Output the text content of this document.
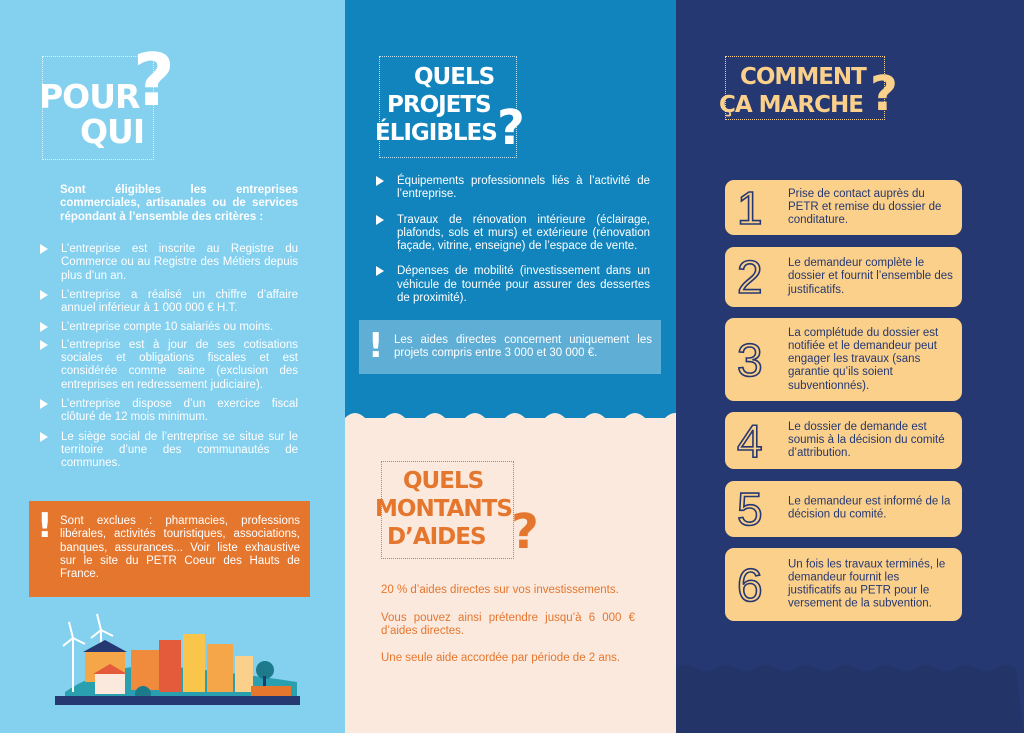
POUR
QUI
?
Sont éligibles les entreprises commerciales, artisanales ou de services répondant à l’ensemble des critères :
L’entreprise est inscrite au Registre du Commerce ou au Registre des Métiers depuis plus d’un an.
L’entreprise a réalisé un chiffre d’affaire annuel inférieur à 1 000 000 € H.T.
L’entreprise compte 10 salariés ou moins.
L’entreprise est à jour de ses cotisations sociales et obligations fiscales et est considérée comme saine (exclusion des entreprises en redressement judiciaire).
L’entreprise dispose d’un exercice fiscal clôturé de 12 mois minimum.
Le siège social de l’entreprise se situe sur le territoire d’une des communautés de communes.
! Sont exclues : pharmacies, professions libérales, activités touristiques, associations, banques, assurances... Voir liste exhaustive sur le site du PETR Coeur des Hauts de France.
QUELS
PROJETS
ÉLIGIBLES ?
Équipements professionnels liés à l’activité de l’entreprise.
Travaux de rénovation intérieure (éclairage, plafonds, sols et murs) et extérieure (rénovation façade, vitrine, enseigne) de l’espace de vente.
Dépenses de mobilité (investissement dans un véhicule de tournée pour assurer des dessertes de proximité).
! Les aides directes concernent uniquement les projets compris entre 3 000 et 30 000 €.
QUELS
MONTANTS
D’AIDES ?
20 % d’aides directes sur vos investissements.
Vous pouvez ainsi prétendre jusqu’à 6 000 € d’aides directes.
Une seule aide accordée par période de 2 ans.
COMMENT
ÇA MARCHE ?
1 Prise de contact auprès du PETR et remise du dossier de conditature.
2 Le demandeur complète le dossier et fournit l’ensemble des justificatifs.
3
La complétude du dossier est notifiée et le demandeur peut engager les travaux (sans garantie qu’ils soient subventionnés).
4 Le dossier de demande est soumis à la décision du comité d’attribution.
5 Le demandeur est informé de la décision du comité.
6 Un fois les travaux terminés, le demandeur fournit les justificatifs au PETR pour le versement de la subvention.
